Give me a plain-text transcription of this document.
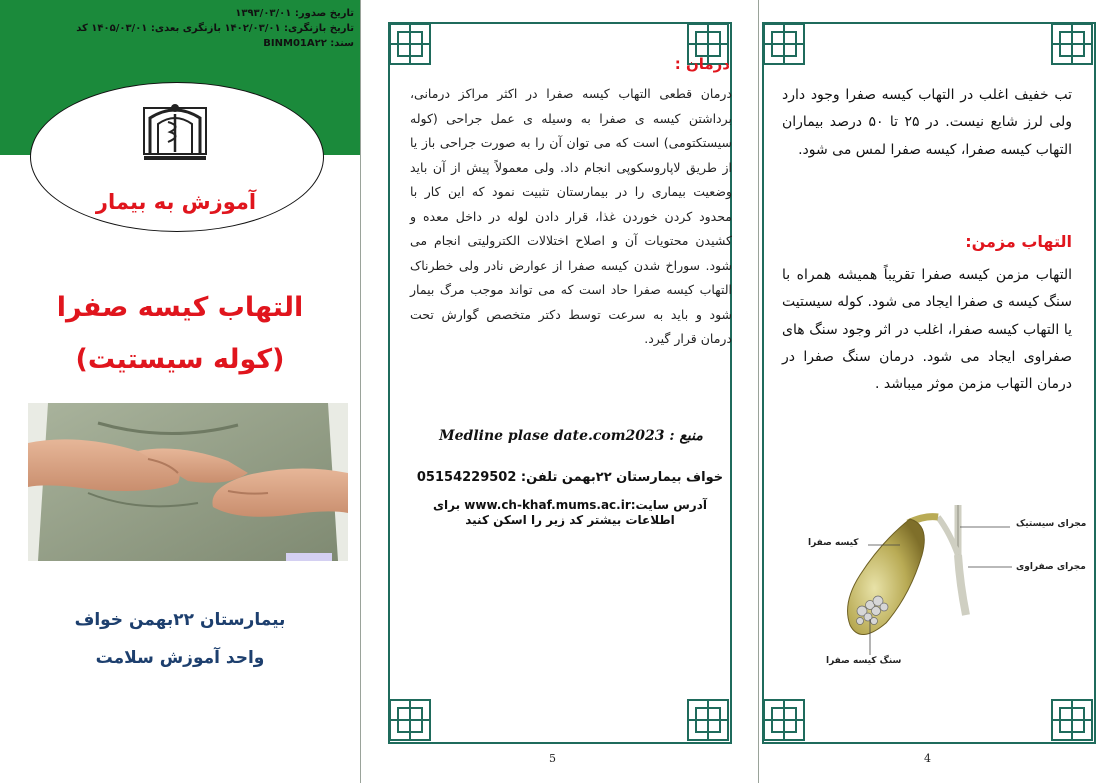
تاریخ صدور: ۱۳۹۳/۰۳/۰۱
تاریخ بازنگری: ۱۴۰۲/۰۳/۰۱ بازنگری بعدی: ۱۴۰۵/۰۳/۰۱ کد
سند: BINM01A۲۲
آموزش به بیمار
التهاب کیسه صفرا
(کوله سیستیت)
بیمارستان ۲۲بهمن خواف
واحد آموزش سلامت
5
درمان :
درمان قطعی التهاب کیسه صفرا در اکثر مراکز درمانی، برداشتن کیسه ی صفرا به وسیله ی عمل جراحی (کوله سیستکتومی) است که می توان آن را به صورت جراحی باز یا از طریق لاپاروسکوپی انجام داد. ولی معمولاً پیش از آن باید وضعیت بیماری را در بیمارستان تثبیت نمود که این کار با محدود کردن خوردن غذا، قرار دادن لوله در داخل معده و کشیدن محتویات آن و اصلاح اختلالات الکترولیتی انجام می شود. سوراخ شدن کیسه صفرا از عوارض نادر ولی خطرناک التهاب کیسه صفرا حاد است که می تواند موجب مرگ بیمار شود و باید به سرعت توسط دکتر متخصص گوارش تحت درمان قرار گیرد.
منبع : Medline plase date.com2023
خواف بیمارستان ۲۲بهمن تلفن: 05154229502
آدرس سایت:www.ch-khaf.mums.ac.ir برای
اطلاعات بیشتر کد زیر را اسکن کنید
4
تب خفیف اغلب در التهاب کیسه صفرا وجود دارد ولی لرز شایع نیست. در ۲۵ تا ۵۰ درصد بیماران التهاب کیسه صفرا، کیسه صفرا لمس می شود.
التهاب مزمن:
التهاب مزمن کیسه صفرا تقریباً همیشه همراه با سنگ کیسه ی صفرا ایجاد می شود. کوله سیستیت یا التهاب کیسه صفرا، اغلب در اثر وجود سنگ های صفراوی ایجاد می شود. درمان سنگ صفرا در درمان التهاب مزمن موثر میباشد .
مجرای سیستیک
کیسه صفرا
مجرای صفراوی
سنگ کیسه صفرا
